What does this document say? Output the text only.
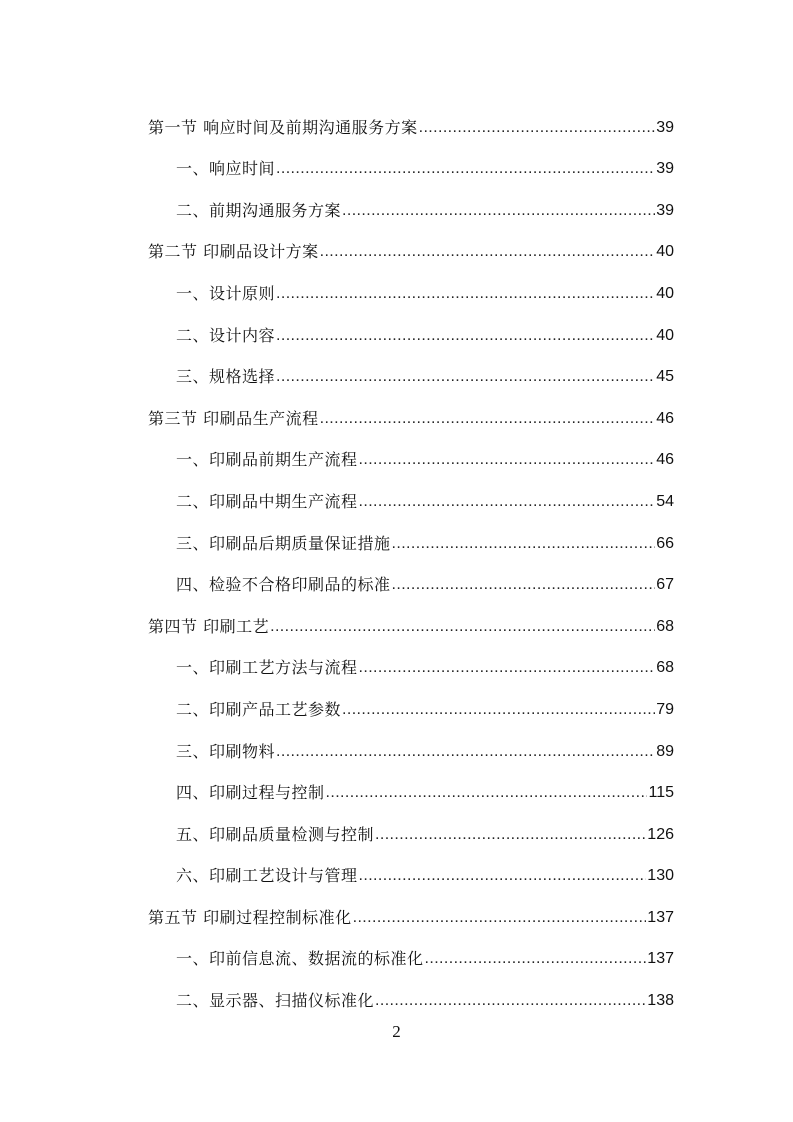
第一节 响应时间及前期沟通服务方案 .....	39
一、响应时间 .....	39
二、前期沟通服务方案 .....	39
第二节 印刷品设计方案 .....	40
一、设计原则 .....	40
二、设计内容 .....	40
三、规格选择 .....	45
第三节 印刷品生产流程 .....	46
一、印刷品前期生产流程 .....	46
二、印刷品中期生产流程 .....	54
三、印刷品后期质量保证措施 .....	66
四、检验不合格印刷品的标准 .....	67
第四节 印刷工艺 .....	68
一、印刷工艺方法与流程 .....	68
二、印刷产品工艺参数 .....	79
三、印刷物料 .....	89
四、印刷过程与控制 .....	115
五、印刷品质量检测与控制 .....	126
六、印刷工艺设计与管理 .....	130
第五节 印刷过程控制标准化 .....	137
一、印前信息流、数据流的标准化 .....	137
二、显示器、扫描仪标准化 .....	138
2
